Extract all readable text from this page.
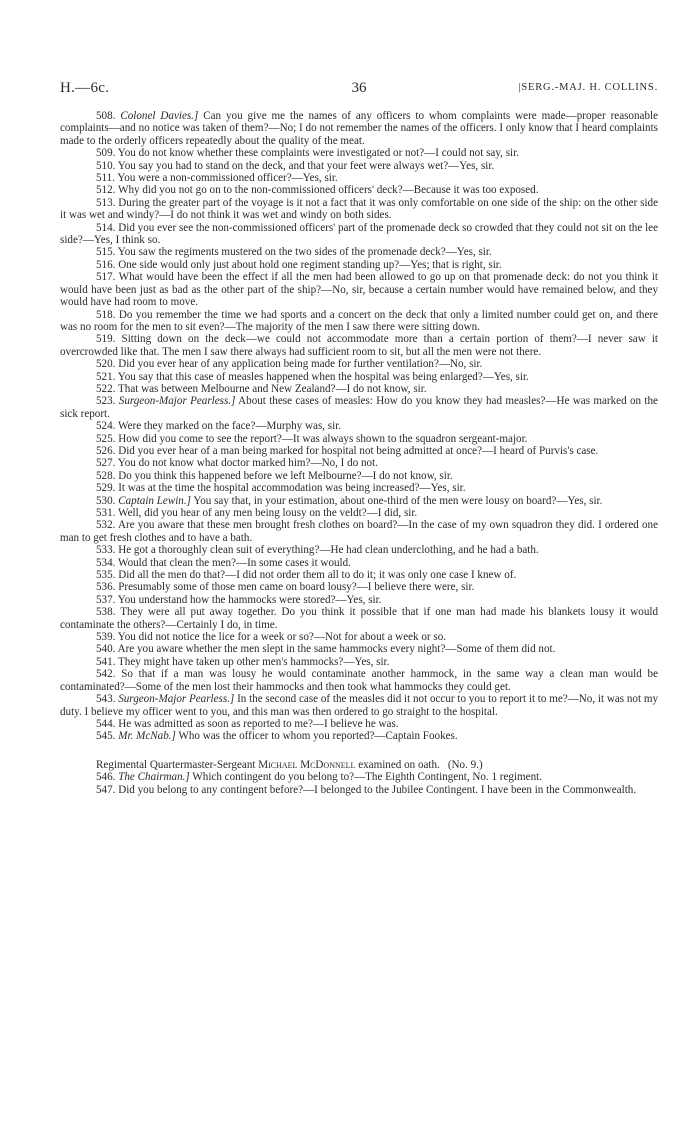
H.—6c.	36	|SERG.-MAJ. H. COLLINS.

508. Colonel Davies.] Can you give me the names of any officers to whom complaints were made—proper reasonable complaints—and no notice was taken of them?—No; I do not remember the names of the officers. I only know that I heard complaints made to the orderly officers repeatedly about the quality of the meat.

509. You do not know whether these complaints were investigated or not?—I could not say, sir.

510. You say you had to stand on the deck, and that your feet were always wet?—Yes, sir.

511. You were a non-commissioned officer?—Yes, sir.

512. Why did you not go on to the non-commissioned officers' deck?—Because it was too exposed.

513. During the greater part of the voyage is it not a fact that it was only comfortable on one side of the ship: on the other side it was wet and windy?—I do not think it was wet and windy on both sides.

514. Did you ever see the non-commissioned officers' part of the promenade deck so crowded that they could not sit on the lee side?—Yes, I think so.

515. You saw the regiments mustered on the two sides of the promenade deck?—Yes, sir.

516. One side would only just about hold one regiment standing up?—Yes; that is right, sir.

517. What would have been the effect if all the men had been allowed to go up on that promenade deck: do not you think it would have been just as bad as the other part of the ship?—No, sir, because a certain number would have remained below, and they would have had room to move.

518. Do you remember the time we had sports and a concert on the deck that only a limited number could get on, and there was no room for the men to sit even?—The majority of the men I saw there were sitting down.

519. Sitting down on the deck—we could not accommodate more than a certain portion of them?—I never saw it overcrowded like that. The men I saw there always had sufficient room to sit, but all the men were not there.

520. Did you ever hear of any application being made for further ventilation?—No, sir.

521. You say that this case of measles happened when the hospital was being enlarged?—Yes, sir.

522. That was between Melbourne and New Zealand?—I do not know, sir.

523. Surgeon-Major Pearless.] About these cases of measles: How do you know they had measles?—He was marked on the sick report.

524. Were they marked on the face?—Murphy was, sir.

525. How did you come to see the report?—It was always shown to the squadron sergeant-major.

526. Did you ever hear of a man being marked for hospital not being admitted at once?—I heard of Purvis's case.

527. You do not know what doctor marked him?—No, I do not.

528. Do you think this happened before we left Melbourne?—I do not know, sir.

529. It was at the time the hospital accommodation was being increased?—Yes, sir.

530. Captain Lewin.] You say that, in your estimation, about one-third of the men were lousy on board?—Yes, sir.

531. Well, did you hear of any men being lousy on the veldt?—I did, sir.

532. Are you aware that these men brought fresh clothes on board?—In the case of my own squadron they did. I ordered one man to get fresh clothes and to have a bath.

533. He got a thoroughly clean suit of everything?—He had clean underclothing, and he had a bath.

534. Would that clean the men?—In some cases it would.

535. Did all the men do that?—I did not order them all to do it; it was only one case I knew of.

536. Presumably some of those men came on board lousy?—I believe there were, sir.

537. You understand how the hammocks were stored?—Yes, sir.

538. They were all put away together. Do you think it possible that if one man had made his blankets lousy it would contaminate the others?—Certainly I do, in time.

539. You did not notice the lice for a week or so?—Not for about a week or so.

540. Are you aware whether the men slept in the same hammocks every night?—Some of them did not.

541. They might have taken up other men's hammocks?—Yes, sir.

542. So that if a man was lousy he would contaminate another hammock, in the same way a clean man would be contaminated?—Some of the men lost their hammocks and then took what hammocks they could get.

543. Surgeon-Major Pearless.] In the second case of the measles did it not occur to you to report it to me?—No, it was not my duty. I believe my officer went to you, and this man was then ordered to go straight to the hospital.

544. He was admitted as soon as reported to me?—I believe he was.

545. Mr. McNab.] Who was the officer to whom you reported?—Captain Fookes.

Regimental Quartermaster-Sergeant Michael McDonnell examined on oath. (No. 9.)

546. The Chairman.] Which contingent do you belong to?—The Eighth Contingent, No. 1 regiment.

547. Did you belong to any contingent before?—I belonged to the Jubilee Contingent. I have been in the Commonwealth.
